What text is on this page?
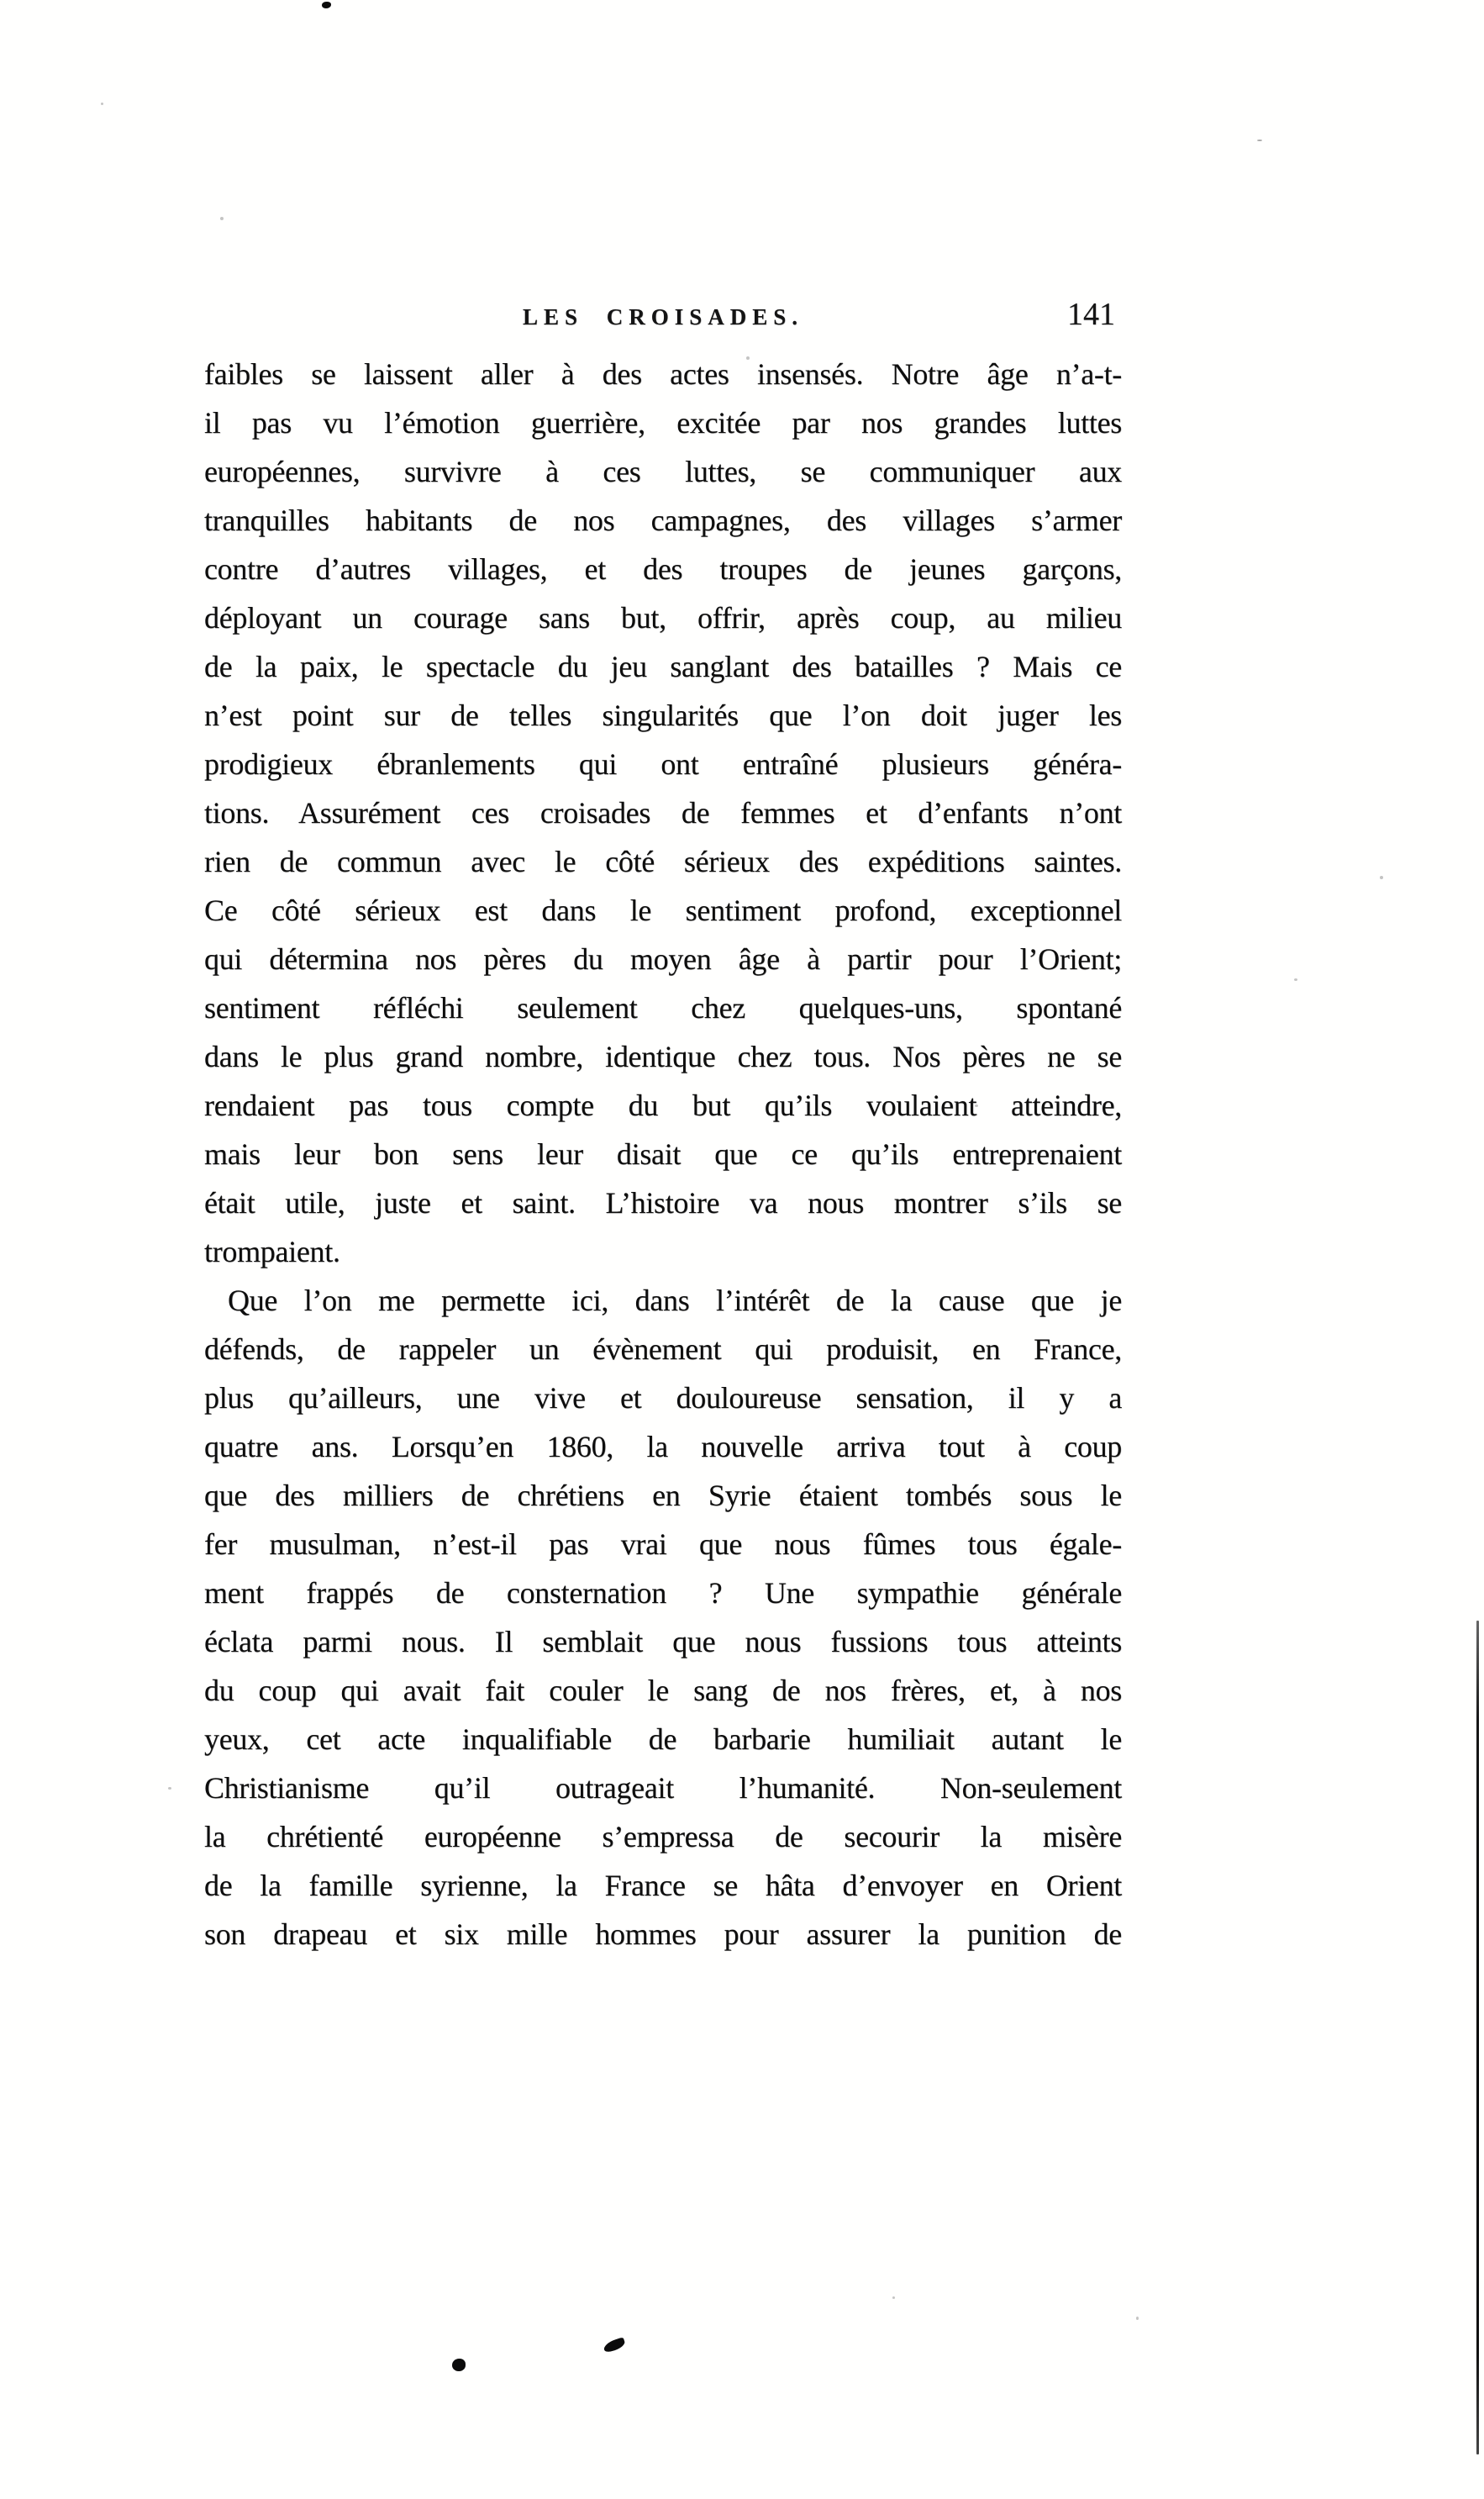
LES CROISADES.	141
faibles se laissent aller à des actes insensés. Notre âge n’a-t-
il pas vu l’émotion guerrière, excitée par nos grandes luttes
européennes, survivre à ces luttes, se communiquer aux
tranquilles habitants de nos campagnes, des villages s’armer
contre d’autres villages, et des troupes de jeunes garçons,
déployant un courage sans but, offrir, après coup, au milieu
de la paix, le spectacle du jeu sanglant des batailles ? Mais ce
n’est point sur de telles singularités que l’on doit juger les
prodigieux ébranlements qui ont entraîné plusieurs généra-
tions. Assurément ces croisades de femmes et d’enfants n’ont
rien de commun avec le côté sérieux des expéditions saintes.
Ce côté sérieux est dans le sentiment profond, exceptionnel
qui détermina nos pères du moyen âge à partir pour l’Orient;
sentiment réfléchi seulement chez quelques-uns, spontané
dans le plus grand nombre, identique chez tous. Nos pères ne se
rendaient pas tous compte du but qu’ils voulaient atteindre,
mais leur bon sens leur disait que ce qu’ils entreprenaient
était utile, juste et saint. L’histoire va nous montrer s’ils se
trompaient.
Que l’on me permette ici, dans l’intérêt de la cause que je
défends, de rappeler un évènement qui produisit, en France,
plus qu’ailleurs, une vive et douloureuse sensation, il y a
quatre ans. Lorsqu’en 1860, la nouvelle arriva tout à coup
que des milliers de chrétiens en Syrie étaient tombés sous le
fer musulman, n’est-il pas vrai que nous fûmes tous égale-
ment frappés de consternation ? Une sympathie générale
éclata parmi nous. Il semblait que nous fussions tous atteints
du coup qui avait fait couler le sang de nos frères, et, à nos
yeux, cet acte inqualifiable de barbarie humiliait autant le
Christianisme qu’il outrageait l’humanité. Non-seulement
la chrétienté européenne s’empressa de secourir la misère
de la famille syrienne, la France se hâta d’envoyer en Orient
son drapeau et six mille hommes pour assurer la punition de
